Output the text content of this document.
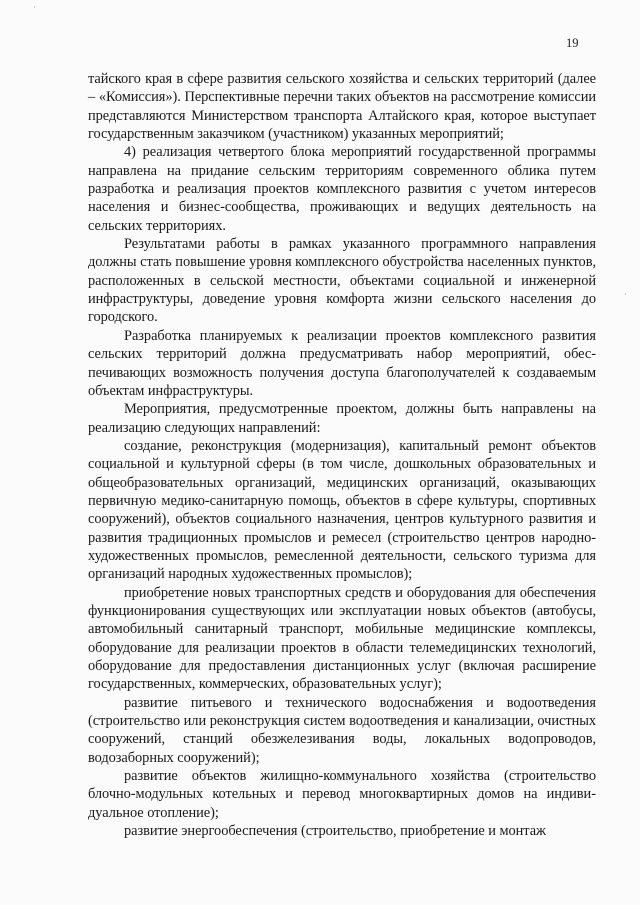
·
·
19

тайского края в сфере развития сельского хозяйства и сельских территорий (далее – «Комиссия»). Перспективные перечни таких объектов на рассмотрение комиссии представляются Министерством транспорта Алтайского края, которое выступает государственным заказчиком (участником) указанных мероприятий;

4) реализация четвертого блока мероприятий государственной программы направлена на придание сельским территориям современного облика путем разработка и реализация проектов комплексного развития с учетом интересов населения и бизнес-сообщества, проживающих и ведущих деятельность на сельских территориях.

Результатами работы в рамках указанного программного направления должны стать повышение уровня комплексного обустройства населенных пунктов, расположенных в сельской местности, объектами социальной и инженерной инфраструктуры, доведение уровня комфорта жизни сельского населения до городского.

Разработка планируемых к реализации проектов комплексного развития сельских территорий должна предусматривать набор мероприятий, обеспечивающих возможность получения доступа благополучателей к создаваемым объектам инфраструктуры.

Мероприятия, предусмотренные проектом, должны быть направлены на реализацию следующих направлений:

создание, реконструкция (модернизация), капитальный ремонт объектов социальной и культурной сферы (в том числе, дошкольных образовательных и общеобразовательных организаций, медицинских организаций, оказывающих первичную медико-санитарную помощь, объектов в сфере культуры, спортивных сооружений), объектов социального назначения, центров культурного развития и развития традиционных промыслов и ремесел (строительство центров народно-художественных промыслов, ремесленной деятельности, сельского туризма для организаций народных художественных промыслов);

приобретение новых транспортных средств и оборудования для обеспечения функционирования существующих или эксплуатации новых объектов (автобусы, автомобильный санитарный транспорт, мобильные медицинские комплексы, оборудование для реализации проектов в области телемедицинских технологий, оборудование для предоставления дистанционных услуг (включая расширение государственных, коммерческих, образовательных услуг);

развитие питьевого и технического водоснабжения и водоотведения (строительство или реконструкция систем водоотведения и канализации, очистных сооружений, станций обезжелезивания воды, локальных водопроводов, водозаборных сооружений);

развитие объектов жилищно-коммунального хозяйства (строительство блочно-модульных котельных и перевод многоквартирных домов на индивидуальное отопление);

развитие энергообеспечения (строительство, приобретение и монтаж
